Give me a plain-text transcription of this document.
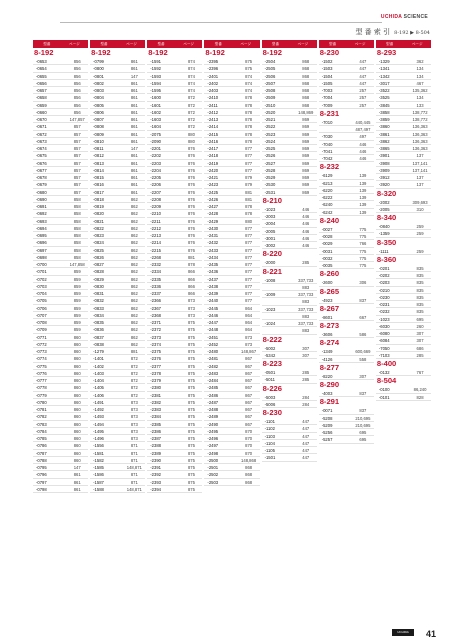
UCHIDA SCIENCE
型 番 索 引 8-192 ▶ 8-504
型番	ページ
8-192
-0653	856
-0654	856
-0655	856
-0656	856
-0657	856
-0658	856
-0659	856
-0660	856
-0670	147,857
-0671	857
-0672	857
-0673	857
-0674	857
-0675	857
-0676	857
-0677	857
-0678	857
-0679	857
-0680	857
-0690	858
-0691	858
-0692	858
-0693	858
-0694	858
-0695	858
-0696	858
-0697	858
-0698	858
-0700	147,858
-0701	859
-0702	859
-0703	859
-0704	859
-0705	859
-0706	859
-0707	859
-0708	859
-0709	859
-0771	860
-0772	860
-0773	860
-0774	860
-0775	860
-0776	860
-0777	860
-0778	860
-0779	860
-0780	860
-0781	860
-0782	860
-0783	860
-0784	860
-0785	860
-0786	860
-0787	860
-0788	860
-0795	147
-0796	861
-0797	861
-0798	861
型番	ページ
8-192
-0799	861
-0800	861
-0801	147
-0802	861
-0803	861
-0804	861
-0805	861
-0806	861
-0807	861
-0808	861
-0809	861
-0810	861
-0811	147
-0812	861
-0813	861
-0814	861
-0815	861
-0816	861
-0817	861
-0818	862
-0819	862
-0820	862
-0821	862
-0822	862
-0823	862
-0824	862
-0825	862
-0826	862
-0827	862
-0828	862
-0829	862
-0830	862
-0831	862
-0832	862
-0833	862
-0834	862
-0835	862
-0836	862
-0837	862
-0838	862
-1279	881
-1401	872
-1402	872
-1403	872
-1404	872
-1405	872
-1406	872
-1491	873
-1492	873
-1493	873
-1494	873
-1495	873
-1496	873
-1556	871
-1581	871
-1582	871
-1585	148,871
-1586	871
-1587	871
-1588	148,871
型番	ページ
8-192
-1591	874
-1592	874
-1593	874
-1594	874
-1595	874
-1600	872
-1601	872
-1602	872
-1603	872
-1604	872
-2075	880
-2090	880
-2201	876
-2202	876
-2203	876
-2204	876
-2205	876
-2206	876
-2207	876
-2208	876
-2209	876
-2210	876
-2211	876
-2212	876
-2213	876
-2214	876
-2215	876
-2268	881
-2332	878
-2334	866
-2335	866
-2336	866
-2337	866
-2366	873
-2367	873
-2368	873
-2371	875
-2372	875
-2373	875
-2374	875
-2375	875
-2376	875
-2377	875
-2378	875
-2379	875
-2380	875
-2381	875
-2382	875
-2383	875
-2384	875
-2385	875
-2386	875
-2387	875
-2388	875
-2389	875
-2390	875
-2391	875
-2392	875
-2393	875
-2394	875
型番	ページ
8-192
-2395	875
-2396	875
-2401	874
-2402	874
-2403	874
-2410	878
-2411	878
-2412	878
-2413	878
-2414	878
-2415	878
-2416	878
-2417	877
-2418	877
-2419	877
-2420	877
-2421	879
-2423	879
-2425	881
-2426	881
-2427	878
-2428	878
-2429	880
-2430	877
-2431	877
-2432	877
-2433	877
-2434	877
-2435	877
-2436	877
-2437	877
-2438	877
-2439	877
-2440	877
-2445	864
-2446	864
-2447	864
-2448	864
-2451	873
-2452	873
-2480	148,867
-2481	867
-2482	867
-2483	867
-2484	867
-2485	867
-2486	867
-2487	867
-2488	867
-2489	867
-2490	867
-2495	870
-2496	870
-2497	870
-2498	870
-2500	148,868
-2501	868
-2502	868
-2503	868
型番	ページ
8-192
-2504	868
-2505	868
-2506	868
-2507	868
-2508	868
-2509	868
-2510	868
-2520	148,869
-2521	869
-2522	869
-2523	869
-2524	869
-2525	869
-2526	869
-2527	869
-2528	869
-2529	869
-2530	869
-2531	869
8-210
-1023	446
-2003	446
-2004	446
-2005	446
-3001	446
-3002	446
8-220
-2000	285
8-221
-1008	337,733
883
-1009	337,733
883
-1023	337,733
883
-1024	337,733
883
8-222
-5002	307
-5342	307
8-223
-0501	285
-5011	285
8-226
-5003	284
-5006	284
8-230
-1101	447
-1102	447
-1103	447
-1104	447
-1105	447
-1501	447
型番	ページ
8-230
-1502	447
-1503	447
-1504	447
-1505	447
-7003	257
-7004	257
-7009	257
8-231
-7010	440,445
487,497
-7030	497
-7040	446
-7041	446
-7042	446
8-232
-6129	139
-6213	139
-6220	139
-6222	139
-6240	139
-6242	139
8-240
-0027	775
-0028	775
-0029	766
-0031	775
-0032	775
-0035	775
8-260
-2600	306
8-265
-4923	837
8-267
-8601	667
8-273
-3606	586
8-274
-1349	600,669
-4126	558
8-277
-8220	307
8-290
-4003	837
8-291
-0071	837
-5208	210,695
-5209	210,695
-5256	695
-5257	695
型番	ページ
8-293
-1329	362
-1341	134
-1342	134
-3017	467
-3522	135,362
-3525	134
-3845	133
-3858	138,772
-3859	138,772
-3860	136,363
-3861	136,363
-3862	136,363
-3865	136,363
-3901	137
-3908	137,141
-3909	137,141
-3912	137
-3920	137
8-320
-2002	309,693
-2005	310
8-340
-0840	259
-1359	259
8-350
-1111	259
8-360
-0201	835
-0202	835
-0203	835
-0210	835
-0230	835
-0231	835
-0232	835
-1023	695
-6030	260
-6080	307
-6084	307
-7050	686
-7103	285
8-400
-0132	767
8-504
-0100	86,240
-0101	828
UCHIDA	41
